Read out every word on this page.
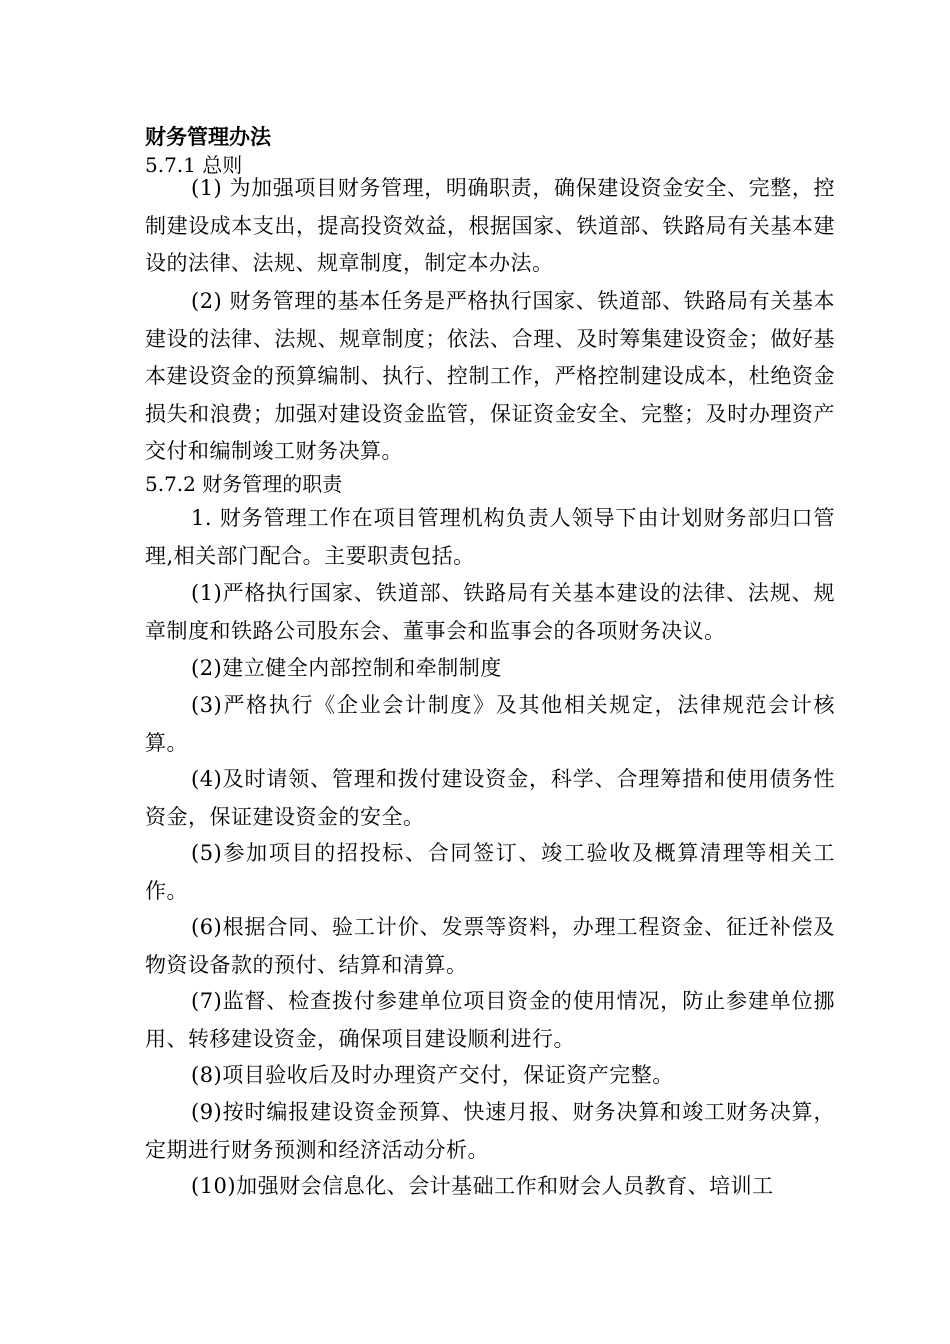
财务管理办法
5.7.1 总则
(1) 为加强项目财务管理，明确职责，确保建设资金安全、完整，控制建设成本支出，提高投资效益，根据国家、铁道部、铁路局有关基本建设的法律、法规、规章制度，制定本办法。
(2) 财务管理的基本任务是严格执行国家、铁道部、铁路局有关基本建设的法律、法规、规章制度；依法、合理、及时筹集建设资金；做好基本建设资金的预算编制、执行、控制工作，严格控制建设成本，杜绝资金损失和浪费；加强对建设资金监管，保证资金安全、完整；及时办理资产交付和编制竣工财务决算。
5.7.2 财务管理的职责
1. 财务管理工作在项目管理机构负责人领导下由计划财务部归口管理,相关部门配合。主要职责包括。
(1)严格执行国家、铁道部、铁路局有关基本建设的法律、法规、规章制度和铁路公司股东会、董事会和监事会的各项财务决议。
(2)建立健全内部控制和牵制制度
(3)严格执行《企业会计制度》及其他相关规定，法律规范会计核算。
(4)及时请领、管理和拨付建设资金，科学、合理筹措和使用债务性资金，保证建设资金的安全。
(5)参加项目的招投标、合同签订、竣工验收及概算清理等相关工作。
(6)根据合同、验工计价、发票等资料，办理工程资金、征迁补偿及物资设备款的预付、结算和清算。
(7)监督、检查拨付参建单位项目资金的使用情况，防止参建单位挪用、转移建设资金，确保项目建设顺利进行。
(8)项目验收后及时办理资产交付，保证资产完整。
(9)按时编报建设资金预算、快速月报、财务决算和竣工财务决算，定期进行财务预测和经济活动分析。
(10)加强财会信息化、会计基础工作和财会人员教育、培训工
